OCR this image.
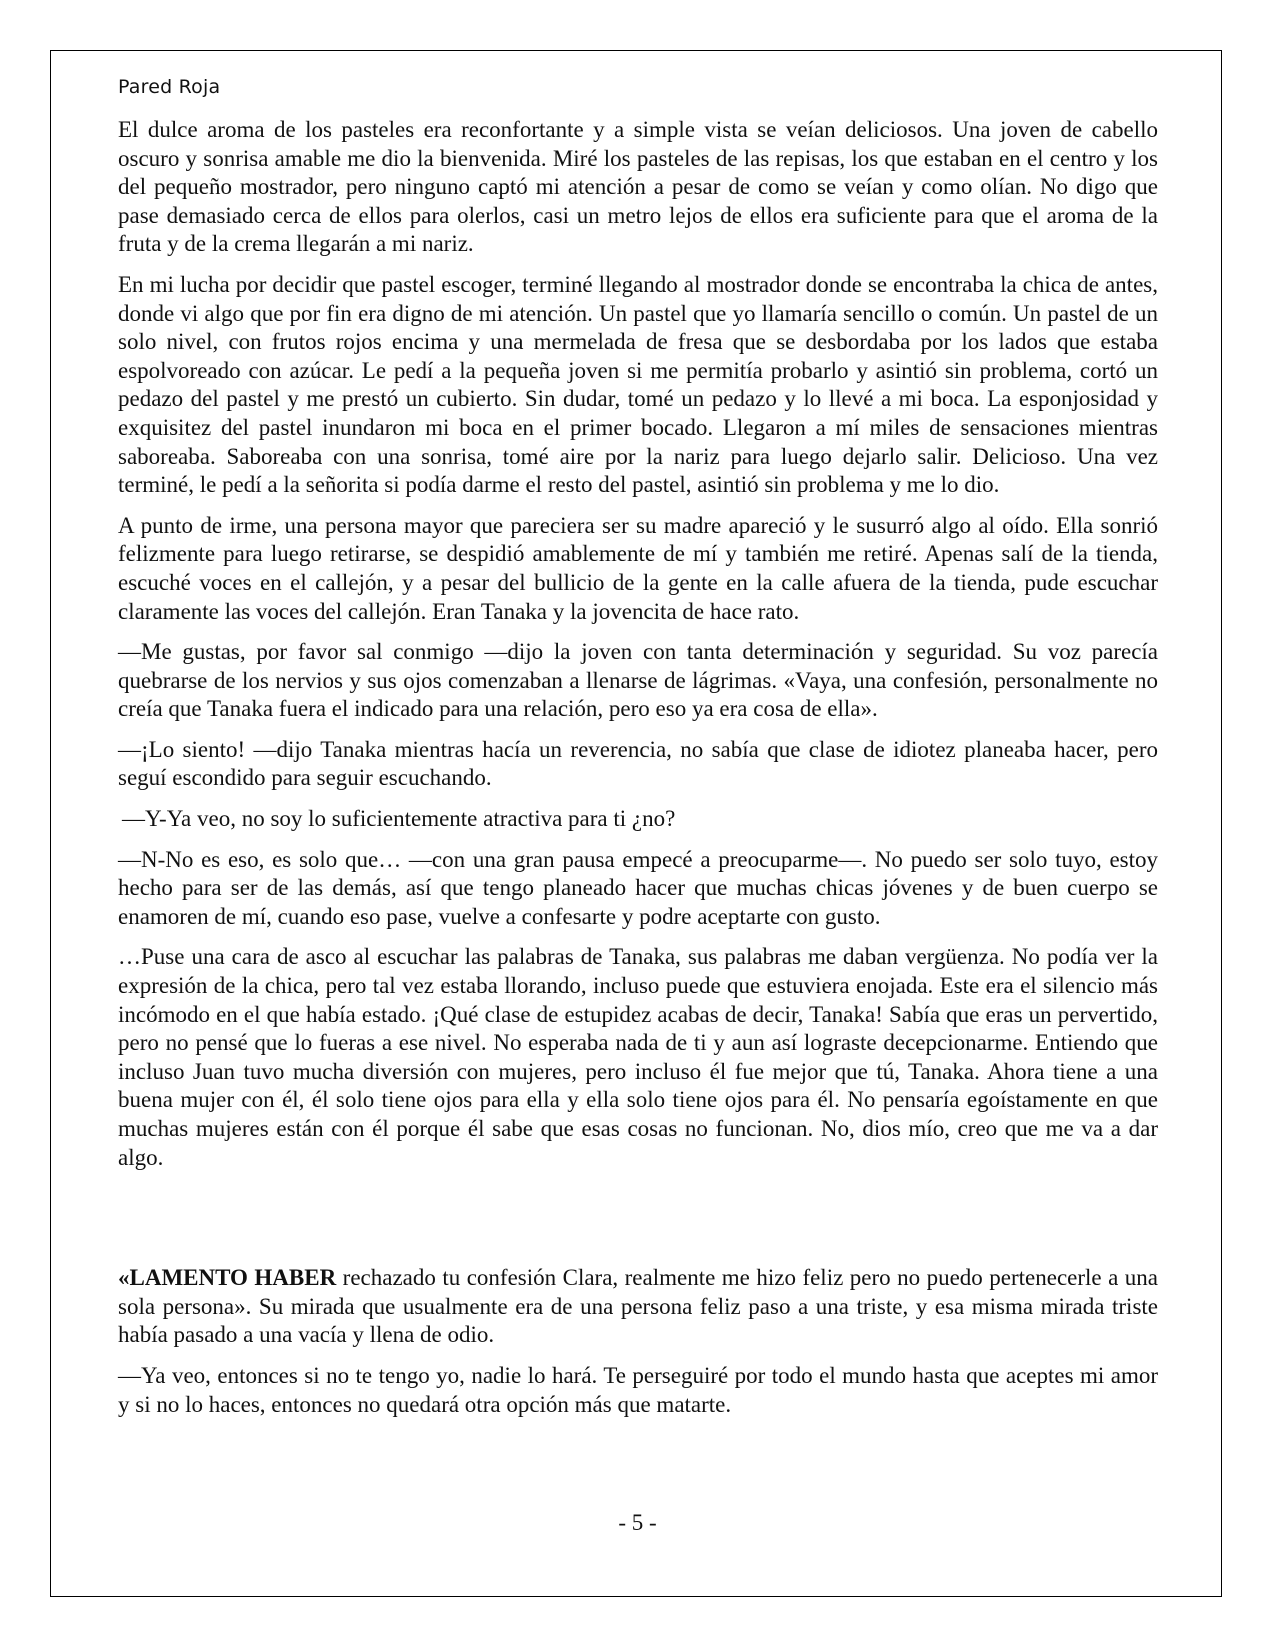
Pared Roja

El dulce aroma de los pasteles era reconfortante y a simple vista se veían deliciosos. Una joven de cabello oscuro y sonrisa amable me dio la bienvenida. Miré los pasteles de las repisas, los que estaban en el centro y los del pequeño mostrador, pero ninguno captó mi atención a pesar de como se veían y como olían. No digo que pase demasiado cerca de ellos para olerlos, casi un metro lejos de ellos era suficiente para que el aroma de la fruta y de la crema llegarán a mi nariz.

En mi lucha por decidir que pastel escoger, terminé llegando al mostrador donde se encontraba la chica de antes, donde vi algo que por fin era digno de mi atención. Un pastel que yo llamaría sencillo o común. Un pastel de un solo nivel, con frutos rojos encima y una mermelada de fresa que se desbordaba por los lados que estaba espolvoreado con azúcar. Le pedí a la pequeña joven si me permitía probarlo y asintió sin problema, cortó un pedazo del pastel y me prestó un cubierto. Sin dudar, tomé un pedazo y lo llevé a mi boca. La esponjosidad y exquisitez del pastel inundaron mi boca en el primer bocado. Llegaron a mí miles de sensaciones mientras saboreaba. Saboreaba con una sonrisa, tomé aire por la nariz para luego dejarlo salir. Delicioso. Una vez terminé, le pedí a la señorita si podía darme el resto del pastel, asintió sin problema y me lo dio.

A punto de irme, una persona mayor que pareciera ser su madre apareció y le susurró algo al oído. Ella sonrió felizmente para luego retirarse, se despidió amablemente de mí y también me retiré. Apenas salí de la tienda, escuché voces en el callejón, y a pesar del bullicio de la gente en la calle afuera de la tienda, pude escuchar claramente las voces del callejón. Eran Tanaka y la jovencita de hace rato.

—Me gustas, por favor sal conmigo —dijo la joven con tanta determinación y seguridad. Su voz parecía quebrarse de los nervios y sus ojos comenzaban a llenarse de lágrimas. «Vaya, una confesión, personalmente no creía que Tanaka fuera el indicado para una relación, pero eso ya era cosa de ella».

—¡Lo siento! —dijo Tanaka mientras hacía un reverencia, no sabía que clase de idiotez planeaba hacer, pero seguí escondido para seguir escuchando.

—Y-Ya veo, no soy lo suficientemente atractiva para ti ¿no?

—N-No es eso, es solo que… —con una gran pausa empecé a preocuparme—. No puedo ser solo tuyo, estoy hecho para ser de las demás, así que tengo planeado hacer que muchas chicas jóvenes y de buen cuerpo se enamoren de mí, cuando eso pase, vuelve a confesarte y podre aceptarte con gusto.

…Puse una cara de asco al escuchar las palabras de Tanaka, sus palabras me daban vergüenza. No podía ver la expresión de la chica, pero tal vez estaba llorando, incluso puede que estuviera enojada. Este era el silencio más incómodo en el que había estado. ¡Qué clase de estupidez acabas de decir, Tanaka! Sabía que eras un pervertido, pero no pensé que lo fueras a ese nivel. No esperaba nada de ti y aun así lograste decepcionarme. Entiendo que incluso Juan tuvo mucha diversión con mujeres, pero incluso él fue mejor que tú, Tanaka. Ahora tiene a una buena mujer con él, él solo tiene ojos para ella y ella solo tiene ojos para él. No pensaría egoístamente en que muchas mujeres están con él porque él sabe que esas cosas no funcionan. No, dios mío, creo que me va a dar algo.

«LAMENTO HABER rechazado tu confesión Clara, realmente me hizo feliz pero no puedo pertenecerle a una sola persona». Su mirada que usualmente era de una persona feliz paso a una triste, y esa misma mirada triste había pasado a una vacía y llena de odio.

—Ya veo, entonces si no te tengo yo, nadie lo hará. Te perseguiré por todo el mundo hasta que aceptes mi amor y si no lo haces, entonces no quedará otra opción más que matarte.

- 5 -
